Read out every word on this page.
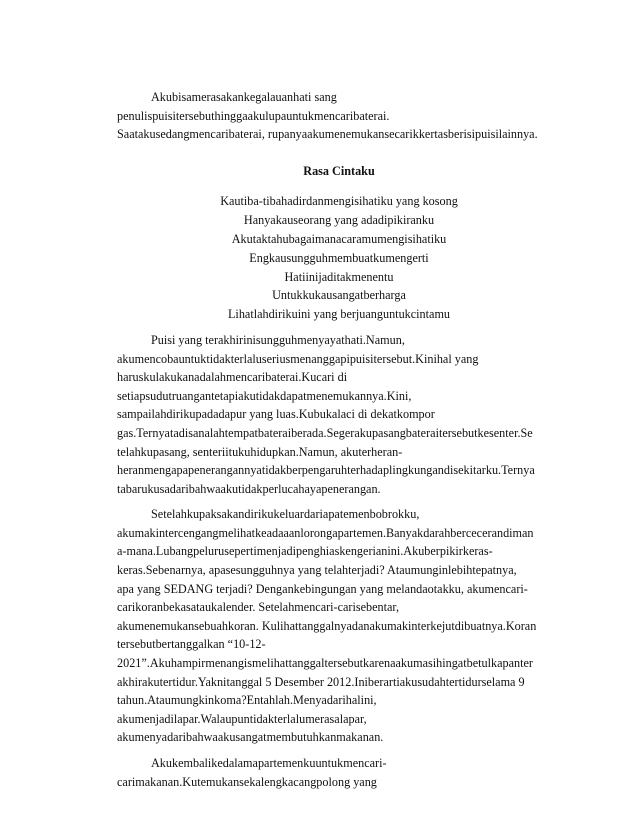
Akubisamerasakankegalauanhati sang
penulispuisitersebuthinggaakulupauntukmencaribaterai.
Saatakusedangmencaribaterai, rupanyaakumenemukansecarikkertasberisipuisilainnya.

Rasa Cintaku
Kautiba-tibahadirdanmengisihatiku yang kosong
Hanyakauseorang yang adadipikiranku
Akutaktahubagaimanacaramumengisihatiku
Engkausungguhmembuatkumengerti
Hatiinijaditakmenentu
Untukkukausangatberharga
Lihatlahdirikuini yang berjuanguntukcintamu

Puisi yang terakhirinisungguhmenyayathati.Namun,
akumencobauntuktidakterlaluseriusmenanggapipuisitersebut.Kinihal yang
haruskulakukanadalahmencaribaterai.Kucari di
setiapsudutruangantetapiakutidakdapatmenemukannya.Kini,
sampailahdirikupadadapur yang luas.Kubukalaci di dekatkompor
gas.Ternyatadisanalahtempatbateraiberada.Segerakupasangbateraitersebutkesenter.Se
telahkupasang, senteriitukuhidupkan.Namun, akuterheran-
heranmengapapenerangannyatidakberpengaruhterhadaplingkungandisekitarku.Ternya
tabarukusadaribahwaakutidakperlucahayapenerangan.

Setelahkupaksakandirikukeluardariapatemenbobrokku,
akumakintercengangmelihatkeadaaanlorongapartemen.Banyakdarahbercecerandiman
a-mana.Lubangpelurusepertimenjadipenghiaskengerianini.Akuberpikirkeras-
keras.Sebenarnya, apasesungguhnya yang telahterjadi? Ataumunginlebihtepatnya,
apa yang SEDANG terjadi? Dengankebingungan yang melandaotakku, akumencari-
carikoranbekasataukalender. Setelahmencari-carisebentar,
akumenemukansebuahkoran. Kulihattanggalnyadanakumakinterkejutdibuatnya.Koran
tersebutbertanggalkan “10-12-
2021”.Akuhampirmenangismelihattanggaltersebutkarenaakumasihingatbetulkapanter
akhirakutertidur.Yaknitanggal 5 Desember 2012.Iniberartiakusudahtertidurselama 9
tahun.Ataumungkinkoma?Entahlah.Menyadarihalini,
akumenjadilapar.Walaupuntidakterlalumerasalapar,
akumenyadaribahwaakusangatmembutuhkanmakanan.

Akukembalikedalamapartemenkuuntukmencari-
carimakanan.Kutemukansekalengkacangpolong yang
